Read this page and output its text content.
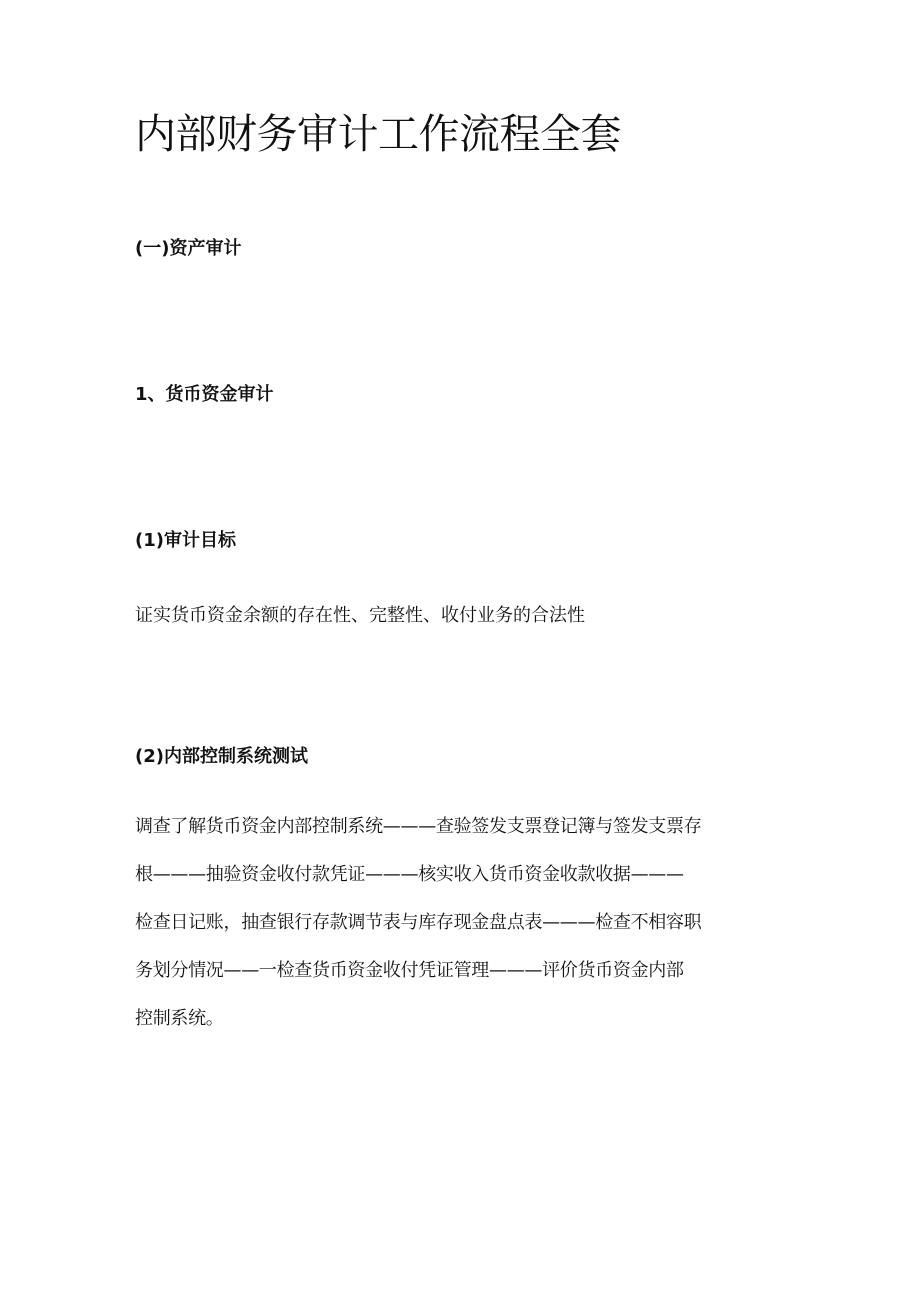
内部财务审计工作流程全套
(一)资产审计
1、货币资金审计
(1)审计目标

证实货币资金余额的存在性、完整性、收付业务的合法性

(2)内部控制系统测试
调查了解货币资金内部控制系统———查验签发支票登记簿与签发支票存
根———抽验资金收付款凭证———核实收入货币资金收款收据———
检查日记账，抽查银行存款调节表与库存现金盘点表———检查不相容职
务划分情况——一检查货币资金收付凭证管理———评价货币资金内部
控制系统。
